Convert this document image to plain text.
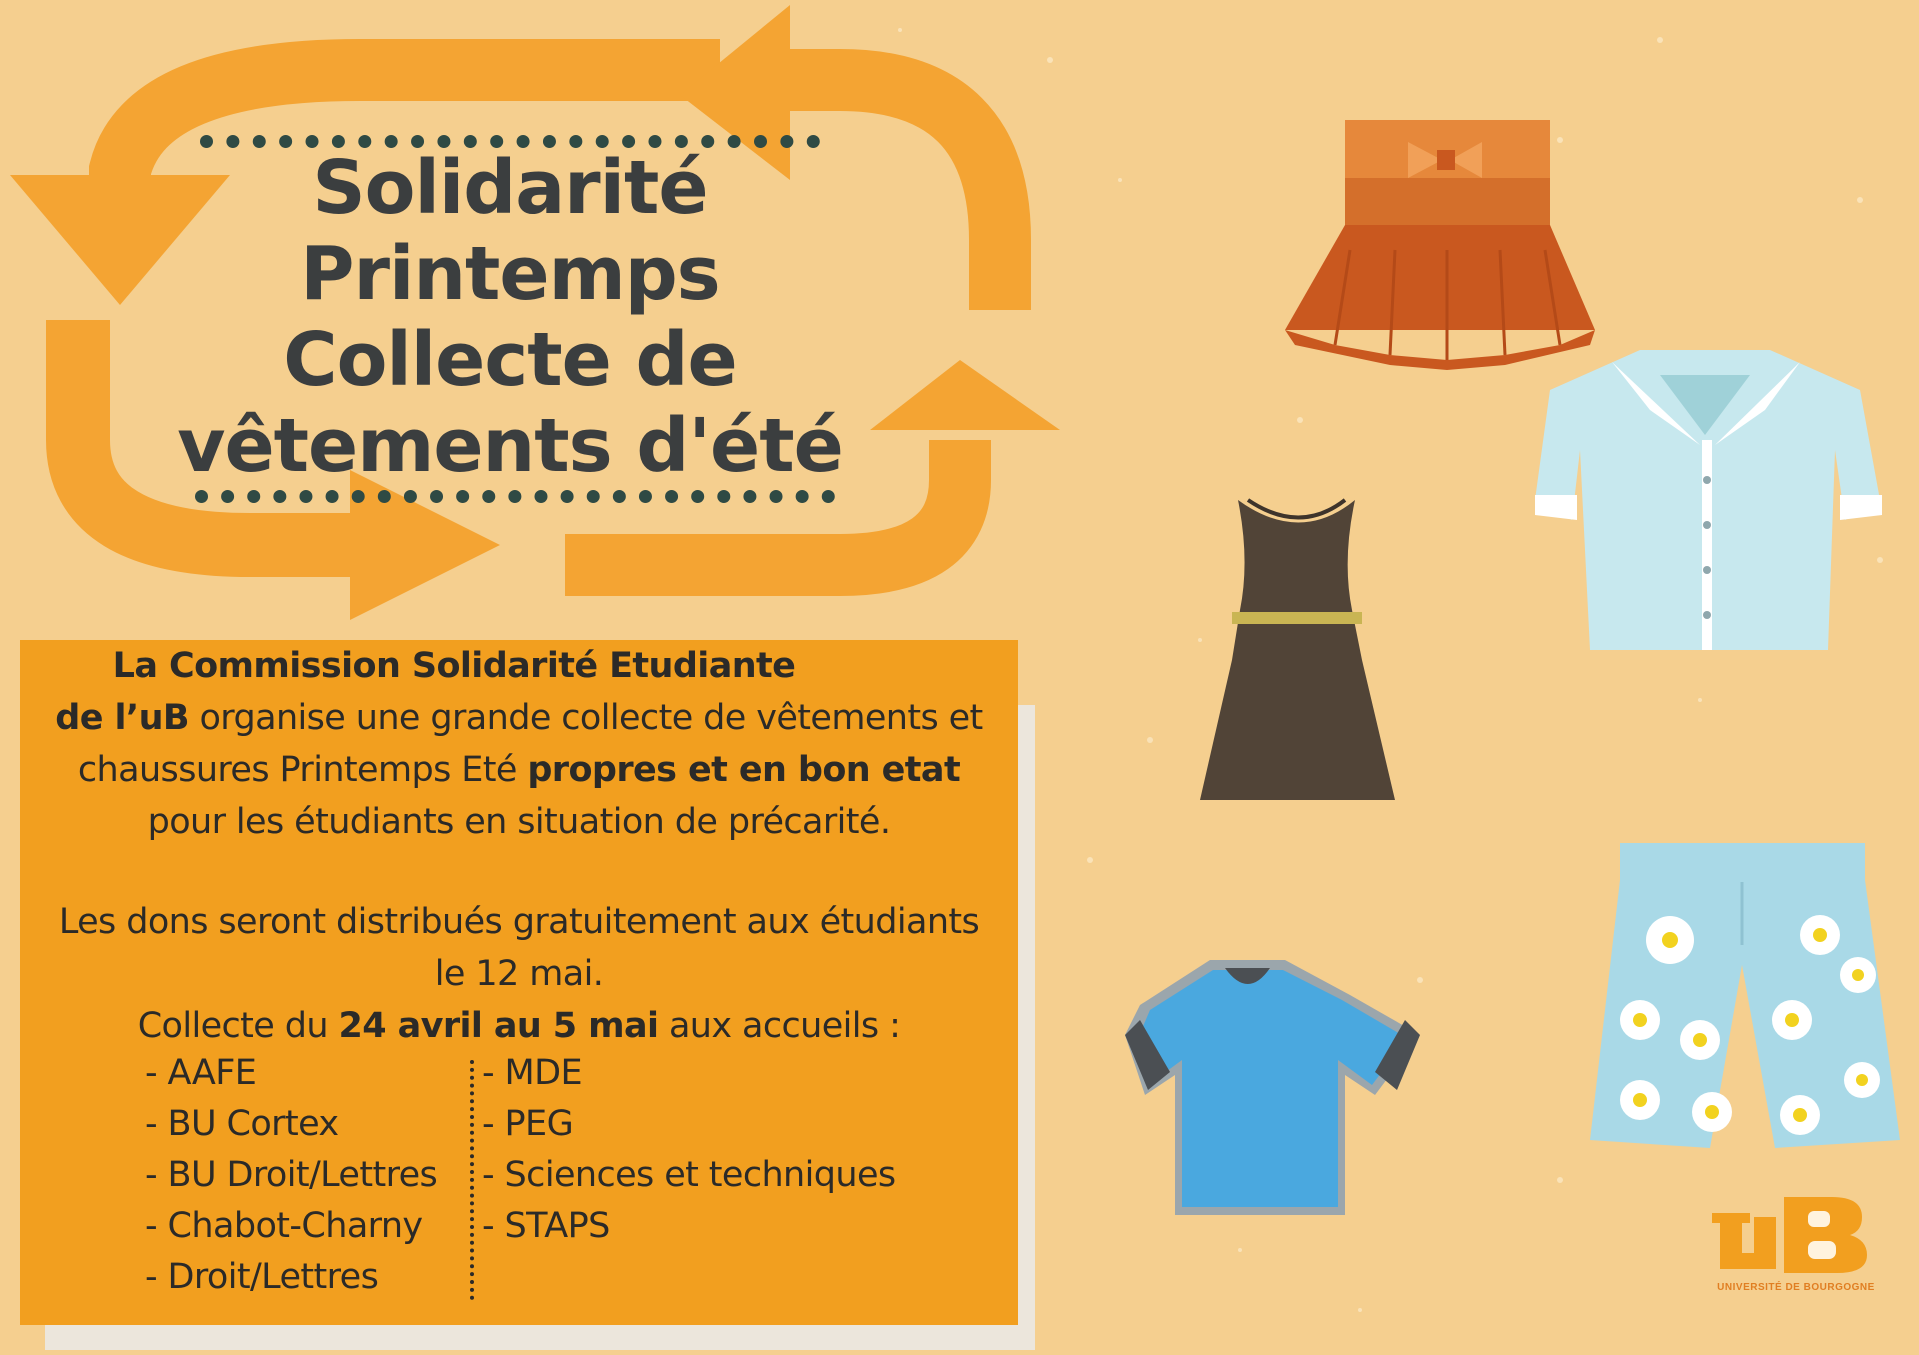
Solidarité
Printemps
Collecte de
vêtements d'été
La Commission Solidarité Etudiante
de l’uB organise une grande collecte de vêtements et
chaussures Printemps Eté propres et en bon etat
pour les étudiants en situation de précarité.
Les dons seront distribués gratuitement aux étudiants
le 12 mai.
Collecte du 24 avril au 5 mai aux accueils :
- AAFE
- BU Cortex
- BU Droit/Lettres
- Chabot-Charny
- Droit/Lettres
- MDE
- PEG
- Sciences et techniques
- STAPS
UNIVERSITÉ DE BOURGOGNE
